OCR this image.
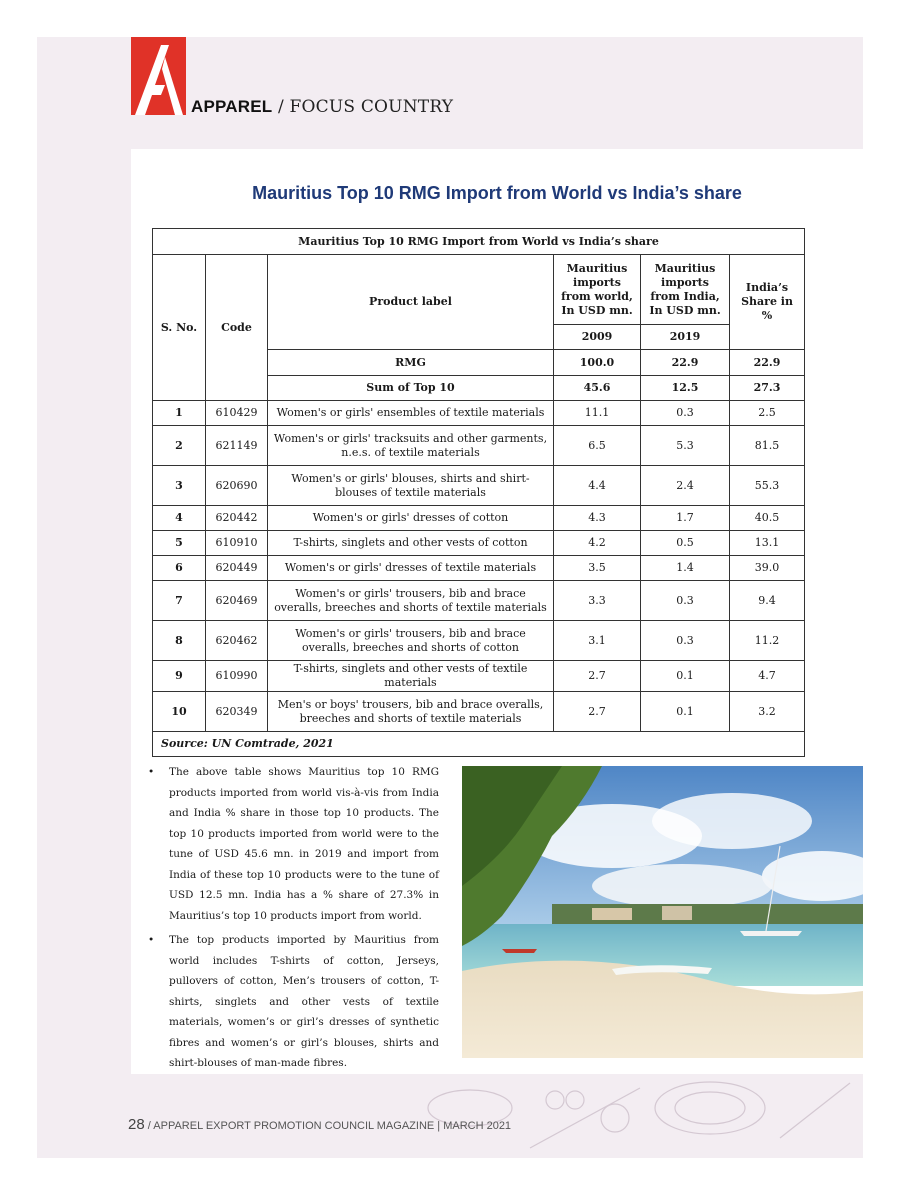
APPAREL / FOCUS COUNTRY
Mauritius Top 10 RMG Import from World vs India’s share
Mauritius Top 10 RMG Import from World vs India’s share					
S. No.	Code	Product label	Mauritius imports from world, In USD mn.	Mauritius imports from India, In USD mn.	India’s Share in %
			2009	2019	
		RMG	100.0	22.9	22.9
		Sum of Top 10	45.6	12.5	27.3
1	610429	Women's or girls' ensembles of textile materials	11.1	0.3	2.5
2	621149	Women's or girls' tracksuits and other garments, n.e.s. of textile materials	6.5	5.3	81.5
3	620690	Women's or girls' blouses, shirts and shirt-blouses of textile materials	4.4	2.4	55.3
4	620442	Women's or girls' dresses of cotton	4.3	1.7	40.5
5	610910	T-shirts, singlets and other vests of cotton	4.2	0.5	13.1
6	620449	Women's or girls' dresses of textile materials	3.5	1.4	39.0
7	620469	Women's or girls' trousers, bib and brace overalls, breeches and shorts of textile materials	3.3	0.3	9.4
8	620462	Women's or girls' trousers, bib and brace overalls, breeches and shorts of cotton	3.1	0.3	11.2
9	610990	T-shirts, singlets and other vests of textile materials	2.7	0.1	4.7
10	620349	Men's or boys' trousers, bib and brace overalls, breeches and shorts of textile materials	2.7	0.1	3.2
Source: UN Comtrade, 2021					
• The above table shows Mauritius top 10 RMG products imported from world vis-à-vis from India and India % share in those top 10 products. The top 10 products imported from world were to the tune of USD 45.6 mn. in 2019 and import from India of these top 10 products were to the tune of USD 12.5 mn. India has a % share of 27.3% in Mauritius’s top 10 products import from world.
• The top products imported by Mauritius from world includes T-shirts of cotton, Jerseys, pullovers of cotton, Men’s trousers of cotton, T-shirts, singlets and other vests of textile materials, women’s or girl’s dresses of synthetic fibres and women’s or girl’s blouses, shirts and shirt-blouses of man-made fibres.
28 / APPAREL EXPORT PROMOTION COUNCIL MAGAZINE | MARCH 2021
